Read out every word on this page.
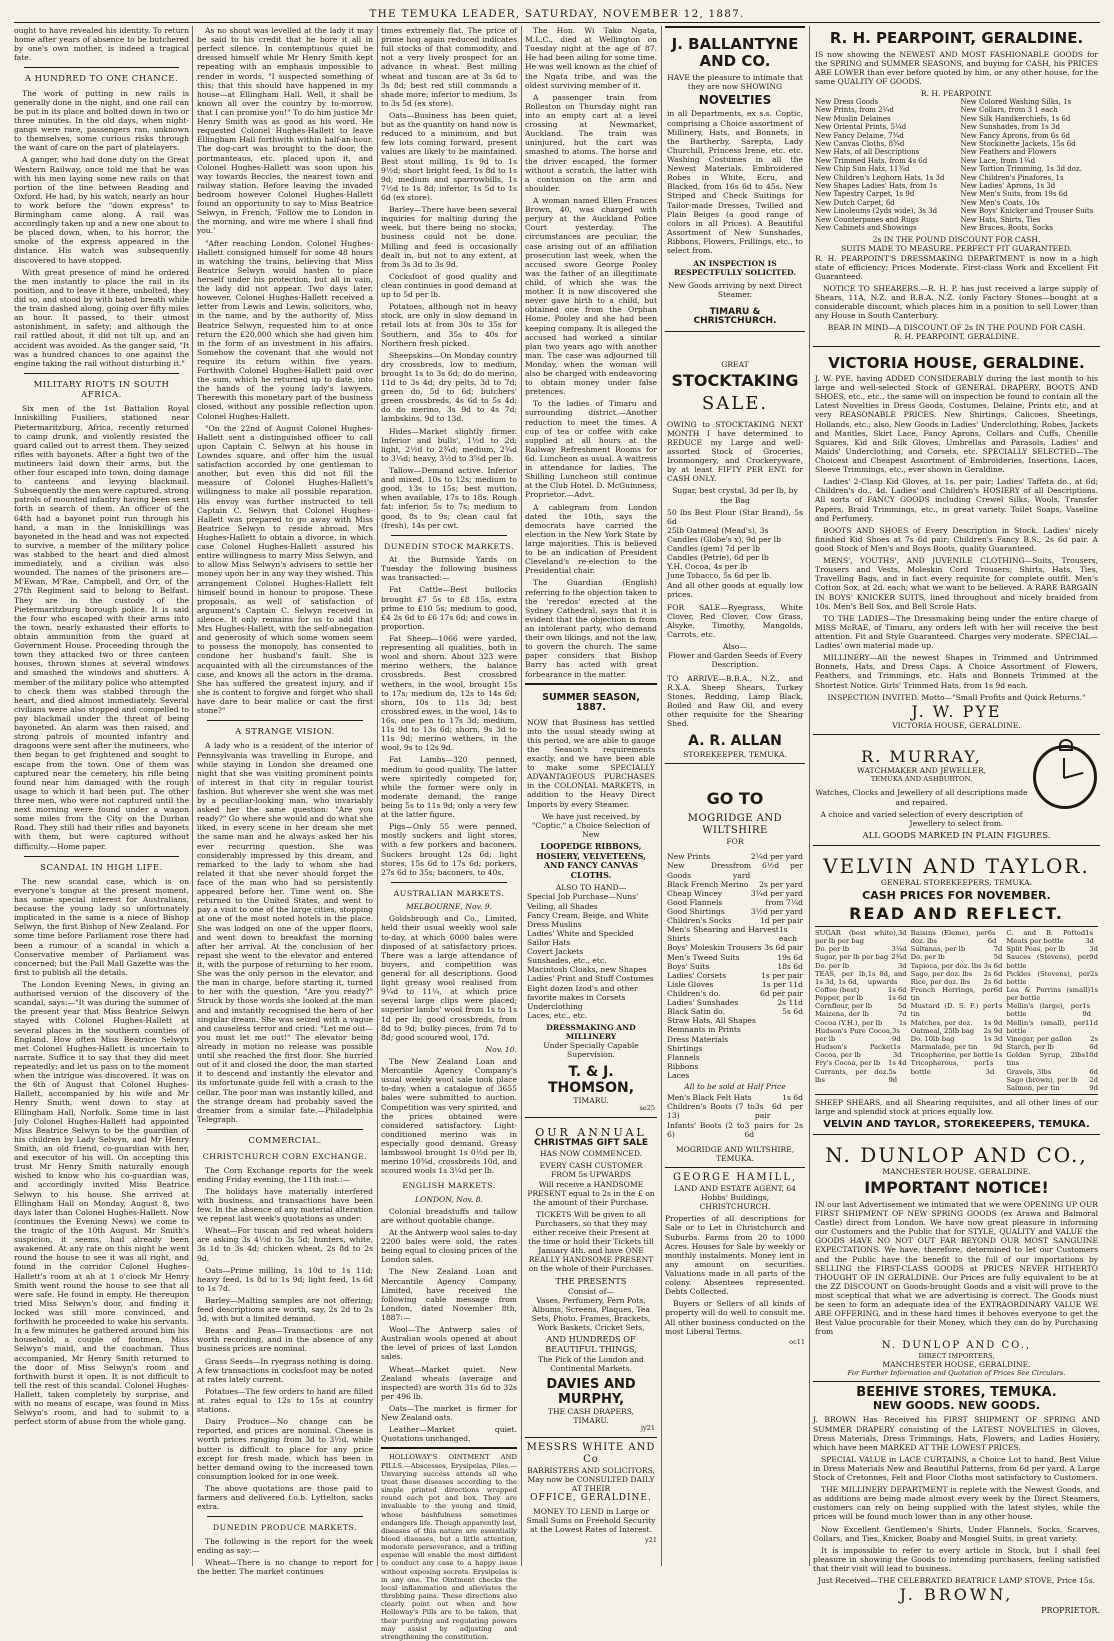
THE TEMUKA LEADER, SATURDAY, NOVEMBER 12, 1887.

ought to have revealed his identity. To return home after years of absence to be butchered by one's own mother, is indeed a tragical fate.

A HUNDRED TO ONE CHANCE.

The work of putting in new rails is generally done in the night, and one rail can be put in its place and bolted down in two or three minutes. In the old days, when night-gangs were rare, passengers ran, unknown to themselves, some curious risks through the want of care on the part of platelayers.

A ganger, who had done duty on the Great Western Railway, once told me that he was with his men laying some new rails on that portion of the line between Reading and Oxford. He had, by his watch, nearly an hour to work before the "down express" to Birmingham came along. A rail was accordingly taken up and a new one about to be placed down, when, to his horror, the smoke of the express appeared in the distance. His watch was subsequently discovered to have stopped.

With great presence of mind he ordered the men instantly to place the rail in its position, and to leave it there, unbolted, they did so, and stood by with bated breath while the train dashed along, going over fifty miles an hour. It passed, to their utmost astonishment, in safety; and although the rail rattled about, it did not tilt up, and an accident was avoided. As the ganger said, "It was a hundred chances to one against the engine taking the rail without disturbing it."

MILITARY RIOTS IN SOUTH AFRICA.

Six men of the 1st Battalion Royal Inniskilling Fusiliers, stationed near Pietermaritzburg, Africa, recently returned to camp drunk, and violently resisted the guard called out to arrest them. They seized rifles with bayonets. After a fight two of the mutineers laid down their arms, but the other four escaped into town, doing damage to canteens and levying blackmail. Subsequently the men were captured, strong patrols of mounted infantry having been sent forth in search of them. An officer of the 64th had a bayonet point run through his hand, a man in the Inniskillings was bayoneted in the head and was not expected to survive, a member of the military police was stabbed to the heart and died almost immediately, and a civilian was also wounded. The names of the prisoners are—M'Ewan, M'Rae, Campbell, and Orr, of the 27th Regiment said to belong to Belfast. They are in the custody of the Pietermaritzburg borough police. It is said the four who escaped with their arms into the town, nearly exhausted their efforts to obtain ammunition from the guard at Government House. Proceeding through the town they attacked two or three canteen houses, thrown stones at several windows and smashed the windows and shutters. A member of the military police who attempted to check them was stabbed through the heart, and died almost immediately. Several civilians were also stopped and compelled to pay blackmail under the threat of being bayoneted. An alarm was then raised, and strong patrols of mounted infantry and dragoons were sent after the mutineers, who then began to get frightened and sought to escape from the town. One of them was captured near the cemetery, his rifle being found near him damaged with the rough usage to which it had been put. The other three men, who were not captured until the next morning were found under a wagon some miles from the City on the Durban Road. They still had their rifles and bayonets with them, but were captured without difficulty.—Home paper.

SCANDAL IN HIGH LIFE.

The new scandal case, which is on everyone's tongue at the present moment, has some special interest for Australians, because the young lady so unfortunately implicated in the same is a niece of Bishop Selwyn, the first Bishop of New Zealand. For some time before Parliament rose there had been a rumour of a scandal in which a Conservative member of Parliament was concerned; but the Pall Mall Gazette was the first to publish all the details.

The London Evening News, in giving an authorised version of the discovery of the scandal, says:—"It was during the summer of the present year that Miss Beatrice Selwyn stayed with Colonel Hughes-Hallett at several places in the southern counties of England. How often Miss Beatrice Selwyn met Colonel Hughes-Hallett is uncertain to narrate. Suffice it to say that they did meet repeatedly; and let us pass on to the moment when the intrigue was discovered. It was on the 6th of August that Colonel Hughes-Hallett, accompanied by his wife and Mr Henry Smith, went down to stay at Ellingham Hall, Norfolk. Some time in last July Colonel Hughes-Hallett had appointed Miss Beatrice Selwyn to be the guardian of his children by Lady Selwyn, and Mr Henry Smith, an old friend, co-guardian with her, and executor of his will. On accepting this trust Mr Henry Smith naturally enough wished to know who his co-guardian was, and accordingly invited Miss Beatrice Selwyn to his house. She arrived at Ellingham Hall on Monday, August 8, two days later than Colonel Hughes-Hallett. Now (continues the Evening News) we come to the tragic of the 10th August. Mr Smith's suspicion, it seems, had already been awakened. At any rate on this night he went round the house to see it was all right, and found in the corridor Colonel Hughes-Hallett's room at ah at 1 o'clock Mr Henry Smith went round the house to see that all were safe. He found in empty. He thereupon tried Miss Selwyn's door, and finding it locked was still more convinced, and forthwith he proceeded to wake his servants. In a few minutes he gathered around him his household, a couple of footmen, Miss Selwyn's maid, and the coachman. Thus accompanied, Mr Henry Smith returned to the door of Miss Selwyn's room and forthwith burst it open. It is not difficult to tell the rest of this scandal. Colonel Hughes-Hallett, taken completely by surprise, and with no means of escape, was found in Miss Selwyn's room, and had to submit to a perfect storm of abuse from the whole gang.

As no shout was levelled at the lady it may be said to his credit that he bore it all in perfect silence. In contemptuous quiet he dressed himself while Mr Henry Smith kept repeating with an emphasis impossible to render in words, "I suspected something of this; that this should have happened in my house—at Ellingham Hall. Well, it shall be known all over the country by to-morrow, that I can promise you!" To do him justice Mr Henry Smith was as good as his word. He requested Colonel Hughes-Hallett to leave Ellingham Hall forthwith within half-an-hour. The dog-cart was brought to the door, the portmanteaus, etc. placed upon it, and Colonel Hughes-Hallett was soon upon his way towards Beccles, the nearest town and railway station. Before leaving the invaded bedroom however Colonel Hughes-Hallett found an opportunity to say to Miss Beatrice Selwyn, in French, 'Follow me to London in the morning, and wire me where I shall find you.'

"After reaching London, Colonel Hughes-Hallett consigned himself for some 48 hours in watching the trains, believing that Miss Beatrice Selwyn would hasten to place herself under his protection, but all in vain, the lady did not appear. Two days later, however, Colonel Hughes-Hallett received a letter from Lewis and Lewis, solicitors, who, in the name, and by the authority of, Miss Beatrice Selwyn, requested him to at once return the £20,000 which she had given him in the form of an investment in his affairs. Somehow the covenant that she would not require its return within five years. Forthwith Colonel Hughes-Hallett paid over the sum, which he returned up to date, into the hands of the young lady's lawyers. Therewith this monetary part of the business closed, without any possible reflection upon Colonel Hughes-Hallett.

"On the 22nd of August Colonel Hughes-Hallett sent a distinguished officer to call upon Captain C. Selwyn at his house in Lowndes square, and offer him the usual satisfaction accorded by one gentleman to another, but even this did not fill the measure of Colonel Hughes-Hallett's willingness to make all possible reparation. His envoy was further instructed to tell Captain C. Selwyn that Colonel Hughes-Hallett was prepared to go away with Miss Beatrice Selwyn to reside abroad. Mrs Hughes-Hallett to obtain a divorce, in which case Colonel Hughes-Hallett assured his entire willingness to marry Miss Selwyn, and to allow Miss Selwyn's advisers to settle her money upon her in any way they wished. This arrangement Colonel Hughes-Hallett felt himself bound in honour to propose. These proposals, as well of satisfaction of argument's Captain C. Selwyn received in silence. It only remains for us to add that Mrs Hughes-Hallett, with the self-abnegation and generosity of which some women seem to possess the monopoly, has consented to condone her husband's fault. She is acquainted with all the circumstances of the case, and knows all the actors in the drama. She has suffered the greatest injury, and if she is content to forgive and forget who shall have dare to bear malice or cast the first stone?"

A STRANGE VISION.

A lady who is a resident of the interior of Pennsylvania was travelling in Europe, and while staying in London she dreamed one night that she was visiting prominent points of interest in that city in regular tourist fashion. But wherever she went she was met by a peculiar-looking man, who invariably asked her the same question: "Are you ready?" Go where she would and do what she liked, in every scene in her dream she met the same man and he always asked her his ever recurring question. She was considerably impressed by this dream, and remarked to the lady to whom she had related it that she never should forget the face of the man who had so persistently appeared before her. Time went on. She returned to the United States, and went to pay a visit to one of the large cities, stopping at one of the most noted hotels in the place. She was lodged on one of the upper floors, and went down to breakfast the morning after her arrival. At the conclusion of her repast she went to the elevator and entered it, with the purpose of returning to her room. She was the only person in the elevator, and the man in charge, before starting it, turned to her with the question, "Are you ready?" Struck by those words she looked at the man and and instantly recognised the hero of her singular dream. She was seized with a vague and causeless terror and cried: "Let me out—you must let me out!" The elevator being already in motion no release was possible until she reached the first floor. She hurried out of it and closed the door, the man started it to descend and instantly the elevator and its unfortunate guide fell with a crash to the cellar. The poor man was instantly killed, and the strange dream had probably saved the dreamer from a similar fate.—Philadelphia Telegraph.

COMMERCIAL.
CHRISTCHURCH CORN EXCHANGE.

The Corn Exchange reports for the week ending Friday evening, the 11th inst.:—

The holidays have materially interfered with business, and transactions have been few. In the absence of any material alteration we repeat last week's quotations as under:

Wheat—For tuscan and red wheat holders are asking 3s 4½d to 3s 5d; hunters, white, 3s 1d to 3s 4d; chicken wheat, 2s 8d to 2s 9d.

Oats—Prime milling, 1s 10d to 1s 11d; heavy feed, 1s 8d to 1s 9d; light feed, 1s 6d to 1s 7d.

Barley—Malting samples are not offering; feed descriptions are worth, say, 2s 2d to 2s 3d, with but a limited demand.

Beans and Peas—Transactions are not worth recording, and in the absence of any business prices are nominal.

Grass Seeds—In ryegrass nothing is doing. A few transactions in cocksfoot may be noted at rates lately current.

Potatoes—The few orders to hand are filled at rates equal to 12s to 15s at country stations.

Dairy Produce—No change can be reported, and prices are nominal. Cheese is worth prices ranging from 3d to 3½d, while butter is difficult to place for any price except for fresh made, which has been in better demand owing to the increased town consumption looked for in one week.

The above quotations are those paid to farmers and delivered f.o.b. Lyttelton, sacks extra.

DUNEDIN PRODUCE MARKETS.

The following is the report for the week ending as say:—

Wheat—There is no change to report for the better. The market continues

times extremely flat. The price of prime hog again reduced indicates full stocks of that commodity, and not a very lively prospect for an advance in wheat. Best milling wheat and tuscan are at 3s 6d to 3s 8d; best red still commands a shade more; inferior to medium, 3s to 3s 5d (ex store).

Oats—Business has been quiet, but as the quantity on hand now is reduced to a minimum, and but few lots coming forward, present values are likely to be maintained. Best stout milling, 1s 9d to 1s 9½d; short bright feed, 1s 8d to 1s 9d; medium and sparrowbills, 1s 7½d to 1s 8d; inferior, 1s 5d to 1s 6d (ex store).

Barley—There have been several inquiries for malting during the week, but there being no stocks, business could not be done. Milling and feed is occasionally dealt in, but not to any extent, at from 3s 3d to 3s 9d.

Cocksfoot of good quality and clean continues in good demand at up to 5d per lb.

Potatoes, although not in heavy stock, are only in slow demand in retail lots at from 30s to 35s for Southern, and 35s to 40s for Northern fresh picked.

Sheepskins—On Monday country dry crossbreds, low to medium, brought 1s to 3s 6d; do do merino, 11d to 3s 4d; dry pelts, 3d to 7d; green do, 5d to 6d; butchers' green crossbreds, 4s 6d to 5s 4d; do do merino, 3s 9d to 4s 7d; lambskins, 9d to 13d.

Hides—Market slightly firmer. Inferior and bulls', 1½d to 2d; light, 2½d to 2¾d; medium, 2¾d to 3¼d; heavy, 3½d to 3⅝d per lb.

Tallow—Demand active. Inferior and mixed, 10s to 12s; medium to good, 13s to 15s; best mutton, when available, 17s to 18s. Rough fat: inferior, 5s to 7s; medium to good, 8s to 9s; clean caul fat (fresh), 14s per cwt.

DUNEDIN STOCK MARKETS.

At the Burnside Yards on Tuesday the following business was transacted:—

Fat Cattle—Best bullocks brought £7 5s to £8 15s, extra prime to £10 5s; medium to good, £4 2s 6d to £6 17s 6d; and cows in proportion.

Fat Sheep—1066 were yarded, representing all qualities, both in wool and shorn. About 323 were merino wethers, the balance crossbreds. Best crossbred wethers, in the wool, brought 15s to 17s; medium do, 12s to 14s 6d; shorn, 10s to 11s 3d; best crossbred ewes, in the wool, 14s to 16s, one pen to 17s 3d; medium, 11s 9d to 13s 6d; shorn, 9s 3d to 11s 9d; merino wethers, in the wool, 9s to 12s 9d.

Fat Lambs—320 penned, medium to good quality. The latter were spiritedly competed for, while the former were only in moderate demand, the range being 5s to 11s 9d; only a very few at the latter figure.

Pigs—Only 55 were penned, mostly suckers and light stores, with a few porkers and baconers. Suckers brought 12s 6d; light stores, 15s 6d to 17s 6d; porkers, 27s 6d to 35s; baconers, to 40s.

AUSTRALIAN MARKETS.
MELBOURNE, Nov. 9.

Goldsbrough and Co., Limited, held their usual weekly wool sale to-day, at which 6000 bales were disposed of at satisfactory prices. There was a large attendance of buyers, and competition was general for all descriptions. Good light greasy wool realised from 9¼d to 11¼, at which price several large clips were placed; superior lambs' wool from 1s to 1s 1d per lb; good crossbreds, from 8d to 9d; bulky pieces, from 7d to 8d; good scoured wool, 17d.

Nov. 10.

The New Zealand Loan and Mercantile Agency Company's usual weekly wool sale took place to-day, when a catalogue of 3655 bales were submitted to auction. Competition was very spirited, and the prices obtained were considered satisfactory. Light-conditioned merino was in especially good demand. Greasy lambswool brought 1s 0½d per lb, merino 10¾d, crossbreds 10d, and scoured wools 1s 3¼d per lb.

ENGLISH MARKETS.
LONDON, Nov. 8.

Colonial breadstuffs and tallow are without quotable change.

At the Antwerp wool sales to-day 2200 bales were sold, the rates being equal to closing prices of the London sales.

The New Zealand Loan and Mercantile Agency Company, Limited, have received the following cable message from London, dated November 8th, 1887:—

Wool—The Antwerp sales of Australian wools opened at about the level of prices of last London sales.

Wheat—Market quiet. New Zealand wheats (average and inspected) are worth 31s 6d to 32s per 496 lb.

Oats—The market is firmer for New Zealand oats.

Leather—Market quiet. Quotations unchanged.

HOLLOWAY'S OINTMENT AND PILLS.—Abscesses, Erysipelas, Piles.—Unvarying success attends all who treat these diseases according to the simple printed directions wrapped round each pot and box. They are invaluable to the young and timid, whose bashfulness sometimes endangers life. Though apparently lost, diseases of this nature are essentially blood diseases, but a little attention, moderate perseverance, and a trifling expense will enable the most diffident to conduct any case to a happy issue without exposing secrets. Erysipelas is in any one. The Ointment checks the local inflammation and alleviates the throbbing pains. These directions also clearly point out when and how Holloway's Pills are to be taken, that their purifying and regulating powers may assist by adjusting and strengthening the constitution.

The Hon. Wi Tako Ngata, M.L.C., died at Wellington on Tuesday night at the age of 87. He had been ailing for some time. He was well known as the chief of the Ngata tribe, and was the oldest surviving member of it.

A passenger train from Rolleston on Thursday night ran into an empty cart at a level crossing at Newmarket, Auckland. The train was uninjured, but the cart was smashed to atoms. The horse and the driver escaped, the former without a scratch, the latter with a contusion on the arm and shoulder.

A woman named Ellen Frances Brown, 40, was charged with perjury at the Auckland Police Court yesterday. The circumstances are peculiar, the case arising out of an affiliation prosecution last week, when the accused swore George Pooley was the father of an illegitimate child, of which she was the mother. It is now discovered she never gave birth to a child, but obtained one from the Orphan Home. Pooley and she had been keeping company. It is alleged the accused had worked a similar plan two years ago with another man. The case was adjourned till Monday, when the woman will also be charged with endeavoring to obtain money under false pretences.

To the ladies of Timaru and surrounding district.—Another reduction to meet the times. A cup of tea or coffee with cake supplied at all hours at the Railway Refreshment Rooms for 6d. Luncheon as usual. A waitress in attendance for ladies. The Shilling Luncheon still continue at the Club Hotel. D. McGuinness, Proprietor.—Advt.

A cablegram from London dated the 10th, says the democrats have carried the election in the New York State by large majorities. This is believed to be an indication of President Cleveland's re-election to the Presidential chair.

The Guardian (English) referring to the objection taken to the 'reredos' erected at the Sydney Cathedral, says that it is evident that the objection is from an intolerant party, who demand their own likings, and not the law, to govern the church. The same paper considers that Bishop Barry has acted with great forbearance in the matter.

SUMMER SEASON, 1887.

NOW that Business has settled into the usual steady swing at this period, we are able to gauge the Season's requirements exactly, and we have been able to make some SPECIALLY ADVANTAGEOUS PURCHASES in the COLONIAL MARKETS, in addition to the Heavy Direct Imports by every Steamer.

We have just received, by "Coptic," a Choice Selection of New

LOOPEDGE RIBBONS, HOSIERY, VELVETEENS,
AND FANCY CANVAS CLOTHS.
ALSO TO HAND—

Special Job Purchase—Nuns' Veiling, all Shades
Fancy Cream, Beige, and White Dress Muslins
Ladies' White and Speckled Sailor Hats
Covert Jackets
Sunshades, etc., etc.
Macintosh Cloaks, new Shapes
Ladies' Print and Stuff Costumes
Eight dozen Izod's and other favorite makes in Corsets
Underclothing
Laces, etc., etc.

DRESSMAKING AND MILLINERY
Under Specially Capable Supervision.
T. & J. THOMSON,
TIMARU.
se25
OUR ANNUAL
CHRISTMAS GIFT SALE
HAS NOW COMMENCED.
EVERY CASH CUSTOMER FROM 5s UPWARDS

Will receive a HANDSOME PRESENT equal to 2s in the £ on the amount of their Purchase.

TICKETS Will be given to all Purchasers, so that they may either receive their Present at the time or hold their Tickets till January 4th, and have ONE REALLY HANDSOME PRESENT on the whole of their Purchases.

THE PRESENTS
Consist of—

Vases, Perfumery, Fern Pots, Albums, Screens, Plaques, Tea Sets, Photo. Frames, Brackets, Work Baskets, Cricket Sets,

AND HUNDREDS OF BEAUTIFUL THINGS,
The Pick of the London and Continental Markets.
DAVIES AND MURPHY,
THE CASH DRAPERS,
TIMARU.
jy21
MESSRS WHITE AND Co
BARRISTERS AND SOLICITORS,
May now be CONSULTED DAILY AT THEIR
OFFICE, GERALDINE.

MONEY TO LEND in Large or Small Sums on Freehold Security at the Lowest Rates of Interest.

y21
J. BALLANTYNE AND CO.

HAVE the pleasure to intimate that they are now SHOWING

NOVELTIES

in all Departments, ex s.s. Coptic, comprising a Choice assortment of Millinery, Hats, and Bonnets, in the Bartherby, Sarepta, Lady Churchill, Princess Irene, etc. etc. Washing Costumes in all the Newest Materials. Embroidered Robes in White, Ecru, and Blacked, from 16s 6d to 45s. New Striped and Check Suitings for Tailor-made Dresses, Twilled and Plain Beiges (a good range of colors in all Prices). A Beautiful Assortment of New Sunshades, Ribbons, Flowers, Frillings, etc., to select from.

AN INSPECTION IS RESPECTFULLY SOLICITED.
New Goods arriving by next Direct Steamer.
TIMARU & CHRISTCHURCH.
GREAT
STOCKTAKING
SALE.

OWING to STOCKTAKING NEXT MONTH I have determined to REDUCE my Large and well-assorted Stock of Groceries, Ironmongery, and Crockeryware, by at least FIFTY PER ENT. for CASH ONLY.

Sugar, best crystal, 3d per lb, by the Bag

50 lbs Best Flour (Star Brand), 5s 6d
25lb Oatmeal (Mead's), 3s
Candles (Globe's x), 9d per lb
Candles (gem) 7d per lb
Candles (Petrie), 6d per lb
Y.H. Cocoa, 4s per lb
June Tobacco, 5s 6d per lb.
And all other goods at equally low prices.

FOR SALE—Ryegrass, White Clover, Red Clover, Cow Grass, Alsyke, Timothy, Mangolds, Carrots, etc.

Also—
Flower and Garden Seeds of Every Description.

TO ARRIVE—B.B.A., N.Z., and R.X.A. Sheep Shears, Turkey Stones, Bedding, Lamp Black, Boiled and Raw Oil, and every other requisite for the Shearing Shed.

A. R. ALLAN
STOREKEEPER, TEMUKA.
GO TO
MOGRIDGE AND WILTSHIRE
FOR
New Prints	2¼d per yard
New Dress Goods
from 6½d per yard
Black French Merino 2s per yard
Cheap Wincey	3¼d per yard
Good Flannels	from 7¼d
Good Shirtings	3½d per yard
Children's Socks	1d per pair
Men's Shearing and Harvest Shirts
1s each
Boys' Moleskin Trousers 3s 6d pair
Men's Tweed Suits	19s 6d
Boys' Suits	18s 6d
Ladies' Corsets	1s per pair
Lisle Gloves	1s per 11d
Children's do.	6d per pair
Ladies' Sunshades	2s 11d
Black Satin do.	5s 6d
Straw Hats, All Shapes
Remnants in Prints
Dress Materials
Shirtings
Flannels
Ribbons
Laces
All to be sold at Half Price
Men's Black Felt Hats	1s 6d
Children's Boots (7 to 13)
3s 6d per pair
Infants' Boots (2 to 6)
3 pairs for 2s 6d
MOGRIDGE AND WILTSHIRE, TEMUKA.
GEORGE HAMILL,
LAND AND ESTATE AGENT, 64 Hobbs' Buildings, CHRISTCHURCH.

Properties of all descriptions for Sale or to Let in Christchurch and Suburbs. Farms from 20 to 1000 Acres. Houses for Sale by weekly or monthly instalments. Money lent in any amount on securities. Valuations made in all parts of the colony. Absentees represented. Debts Collected.

Buyers or Sellers of all kinds of property will do well to consult me. All other business conducted on the most Liberal Terms.

oc11
R. H. PEARPOINT, GERALDINE.

IS now showing the NEWEST AND MOST FASHIONABLE GOODS for the SPRING and SUMMER SEASONS, and buying for CASH, his PRICES ARE LOWER than ever before quoted by him, or any other house, for the same QUALITY OF GOODS.

R. H. PEARPOINT.
New Dress Goods
New Prints, from 2¼d
New Muslin Delaines
New Oriental Prints, 5¼d
New Fancy Delaine, 7¾d
New Canvas Cloths, 8¾d
New Hats, of all Descriptions
New Trimmed Hats, from 4s 6d
New Chip Sun Hats, 11¾d
New Children's Leghorn Hats, 1s 3d
New Shapes Ladies' Hats, from 1s
New Tapestry Carpet, 1s 9d
New Dutch Carpet, 6d
New Linoleums (2yds wide), 3s 3d
New Counterpanes and Rugs
New Cabinets and Showings
New Colored Washing Silks, 1s
New Collars, from 3 1 each
New Silk Handkerchiefs, 1s 6d
New Sunshades, from 1s 3d
New Fancy Aprons, from 6s 6d
New Stockinette Jackets, 15s 6d
New Feathers and Flowers
New Lace, from 1¼d
New Tortion Trimming, 1s 3d doz.
New Children's Pinafores, 1s
New Ladies' Aprons, 1s 3d
New Men's Suits, from 19s 6d
New Men's Coats, 10s
New Boys' Knicker and Trouser Suits
New Hats, Shirts, Ties
New Braces, Boots, Socks
2s IN THE POUND DISCOUNT FOR CASH.
SUITS MADE TO MEASURE. PERFECT FIT GUARANTEED.

R. H. PEARPOINT'S DRESSMAKING DEPARTMENT is now in a high state of efficiency; Prices Moderate. First-class Work and Excellent Fit Guaranteed.

NOTICE TO SHEARERS.—R. H. P. has just received a large supply of Shears, 11A, N.Z. and B.B.A. N.Z. (only Factory Stones—bought at a considerable discount, which places him in a position to sell Lower than any House in South Canterbury.

BEAR IN MIND—A DISCOUNT OF 2s IN THE POUND FOR CASH.
R. H. PEARPOINT, GERALDINE.
VICTORIA HOUSE, GERALDINE.

J. W. PYE, having ADDED CONSIDERABLY during the last month to his large and well-selected Stock of GENERAL DRAPERY, BOOTS AND SHOES, etc., etc., the same will on inspection be found to contain all the Latest Novelties in Dress Goods, Costumes, Delaine, Prints etc, and at very REASONABLE PRICES. New Shirtings, Calicoes, Sheetings, Hollands, etc.; also, New Goods in Ladies' Underclothing, Robes, Jackets and Mantles, Skirt Lace, Fancy Aprons, Collars and Cuffs, Chenille Squares, Kid and Silk Gloves, Umbrellas and Parasols, Ladies' and Maids' Underclothing, and Corsets, etc. SPECIALLY SELECTED—The Choicest and Cheapest Assortment of Embroideries, Insertions, Laces, Sleeve Trimmings, etc., ever shown in Geraldine.

Ladies' 2-Clasp Kid Gloves, at 1s. per pair; Ladies' Taffeta do., at 6d; Children's do., 4d. Ladies' and Children's HOSIERY of all Descriptions. All sorts of FANCY GOODS including Crewel Silks, Wools, Transfer Papers, Braid Trimmings, etc., in great variety. Toilet Soaps, Vaseline and Perfumery.

BOOTS AND SHOES of Every Description in Stock. Ladies' nicely finished Kid Shoes at 7s 6d pair; Children's Fancy B.S., 2s 6d pair. A good Stock of Men's and Boys Boots, quality Guaranteed.

MENS', YOUTHS', AND JUVENILE CLOTHING—Suits, Trousers, Trousers and Vests, Moleskin Cord Trousers; Shirts, Hats, Ties, Travelling Bags, and in fact every requisite for complete outfit. Men's Cotton Sox, at 2d. each; what we want to be believed. A RARE BARGAIN IN BOYS' KNICKER SUITS, lined throughout and nicely braided from 10s. Men's Bell Sox, and Bell Scrole Hats.

TO THE LADIES—The Dressmaking being under the entire charge of MISS McRAE, of Timaru, any orders left with her will receive the best attention. Fit and Style Guaranteed. Charges very moderate. SPECIAL—Ladies' own material made up.

MILLINERY—All the newest Shapes in Trimmed and Untrimmed Bonnets, Hats, and Dress Caps. A Choice Assortment of Flowers, Feathers, and Trimmings, etc. Hats and Bonnets Trimmed at the Shortest Notice. Girls' Trimmed Hats, from 1s 9d each.

INSPECTION INVITED. Motto—"Small Profits and Quick Returns."
J. W. PYE
VICTORIA HOUSE, GERALDINE.
R. MURRAY,
WATCHMAKER AND JEWELLER,
TEMUKA AND ASHBURTON.

Watches, Clocks and Jewellery of all descriptions made and repaired.

A choice and varied selection of every description of Jewellery to select from.

ALL GOODS MARKED IN PLAIN FIGURES.
VELVIN AND TAYLOR.
GENERAL STOREKEEPERS, TEMUKA.
CASH PRICES FOR NOVEMBER.
READ AND REFLECT.
SUGAR (best white), per lb per bag
3d
Do. per lb	3¼d
Sugar, per lb per bag 2¾d
Do. per lb	3d
TEAS, per lb, 1s 3d, 1s 6d,
1s 8d, and upwards
Coffee (best)	1s 6d
Pepper, per lb	1s 6d
Cornflour, per lb	5d
Maizena, der lb	7d
Cocoa (Y.H.), per lb 1s
Hudson's Pure Cocoa, per lb
3s 9d
Hudson's Packet Cocoa, per lb
1s 3d
Fry's Cocoa, per lb 1s 4d
Currants, per doz. lbs
5s 9d
Raisins (Eleme), per doz. lbs
6s 6d
Sultanas, per lb	7d
Do. per lb	5d
Tapioca, per doz. lbs 3s 6d
Sago, per doz. lbs 2s 6d
Rice, per doz. lbs 2s 6d
French Herrings, per tin
6d
Mustard (D. S. F.) per tin
1s
Matches, per doz. 1s 9d
Oatmeal, 25lb bag 2s 9d
Do. 10lb bag	1s 3d
Marmalade, per tin 9d
Tricopherine, per bottle 1s
Tricopherous, per bottle
1s 3d
C. and B. Potted Meats per bottle
1s 3d
Split Peas, per lb	3d
Sauces (Stevens), per bottle
9d
Pickles (Stevens), per bottle
2s
Lea & Perrins (small) per bottle
1s
Mellin's (large), per bottle
1s 9d
Mellin's (small), per bottle
11d
Vinegar, per gallon	2s
Starch, per lb	6d
Golden Syrup, 2lbs tins
10d
Gravels, 3lbs	6d
Sago (brown), per lb 2d
Salmon, per tin	9d

SHEEP SHEARS, and all Shearing requisites, and all other lines of our large and splendid stock at prices equally low.

VELVIN AND TAYLOR, STOREKEEPERS, TEMUKA.
N. DUNLOP AND CO.,
MANCHESTER HOUSE, GERALDINE.
IMPORTANT NOTICE!

IN our last Advertisement we intimated that we were OPENING UP OUR FIRST SHIPMENT OF NEW SPRING GOODS (ex Arawa and Balmoral Castle) direct from London. We have now great pleasure in informing our Customers and the Public that for STYLE, QUALITY and VALUE the GOODS HAVE NO NOT OUT FAR BEYOND OUR MOST SANGUINE EXPECTATIONS. We have, therefore, determined to let our Customers and the Public have the benefit to the full of our importations by SELLING the FIRST-CLASS GOODS at PRICES NEVER HITHERTO THOUGHT OF IN GERALDINE. Our Prices are fully equivalent to be at the ZZ DISCOUNT on Goods-brought Goods and a visit will prove to the most sceptical that what we are advertising is correct. The Goods must be seen to form an adequate idea of the EXTRAORDINARY VALUE WE ARE OFFERING, and in these hard times it behoves everyone to get the Best Value procurable for their Money, which they can do by Purchasing from

N. DUNLOP AND CO.,
DIRECT IMPORTERS,
MANCHESTER HOUSE, GERALDINE.
For Further Information and Quotation of Prices See Circulars.
BEEHIVE STORES, TEMUKA.
NEW GOODS. NEW GOODS.

J. BROWN Has Received his FIRST SHIPMENT OF SPRING AND SUMMER DRAPERY consisting of the LATEST NOVELTIES in Gloves, Dress Materials, Dress Trimmings, Hats, Flowers, and Ladies Hosiery, which have been MARKED AT THE LOWEST PRICES.

SPECIAL VALUE in LACE CURTAINS, a Choice Lot to hand. Best Value in Dress Materials New and Beautiful Patterns, from 6d per yard. A Large Stock of Cretonnes, Felt and Floor Cloths most satisfactory to Customers.

THE MILLINERY DEPARTMENT is replete with the Newest Goods, and as additions are being made almost every week by the Direct Steamers, customers can rely on being supplied with the latest styles, while the prices will be found much lower than in any other house.

Now Excellent Gentlemen's Shirts, Under Flannels, Socks, Scarves, Collars, and Ties, Knicker, Boaby and Mosgiel Suits, in great variety.

It is impossible to refer to every article in Stock, but I shall feel pleasure in showing the Goods to intending purchasers, feeling satisfied that their visit will lead to business.

Just Received—THE CELEBRATED BEATRICE LAMP STOVE, Price 15s.
J. BROWN,
PROPRIETOR.
